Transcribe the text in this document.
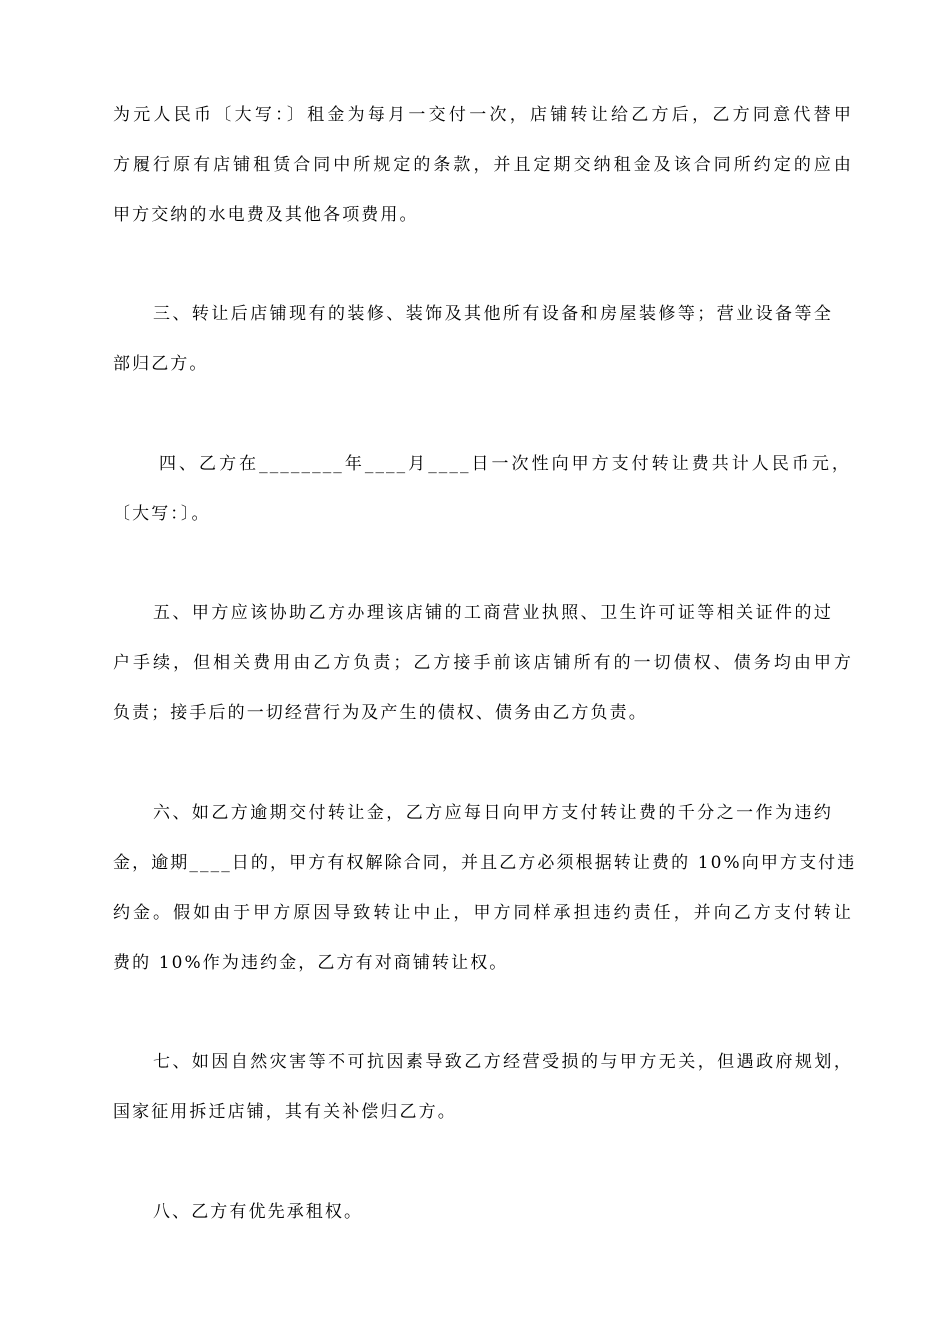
为元人民币〔大写：〕租金为每月一交付一次，店铺转让给乙方后，乙方同意代替甲
方履行原有店铺租赁合同中所规定的条款，并且定期交纳租金及该合同所约定的应由
甲方交纳的水电费及其他各项费用。
三、转让后店铺现有的装修、装饰及其他所有设备和房屋装修等；营业设备等全
部归乙方。
四、乙方在________年____月____日一次性向甲方支付转让费共计人民币元，
〔大写：〕。
五、甲方应该协助乙方办理该店铺的工商营业执照、卫生许可证等相关证件的过
户手续，但相关费用由乙方负责；乙方接手前该店铺所有的一切债权、债务均由甲方
负责；接手后的一切经营行为及产生的债权、债务由乙方负责。
六、如乙方逾期交付转让金，乙方应每日向甲方支付转让费的千分之一作为违约
金，逾期____日的，甲方有权解除合同，并且乙方必须根据转让费的 10%向甲方支付违
约金。假如由于甲方原因导致转让中止，甲方同样承担违约责任，并向乙方支付转让
费的 10%作为违约金，乙方有对商铺转让权。
七、如因自然灾害等不可抗因素导致乙方经营受损的与甲方无关，但遇政府规划，
国家征用拆迁店铺，其有关补偿归乙方。
八、乙方有优先承租权。
